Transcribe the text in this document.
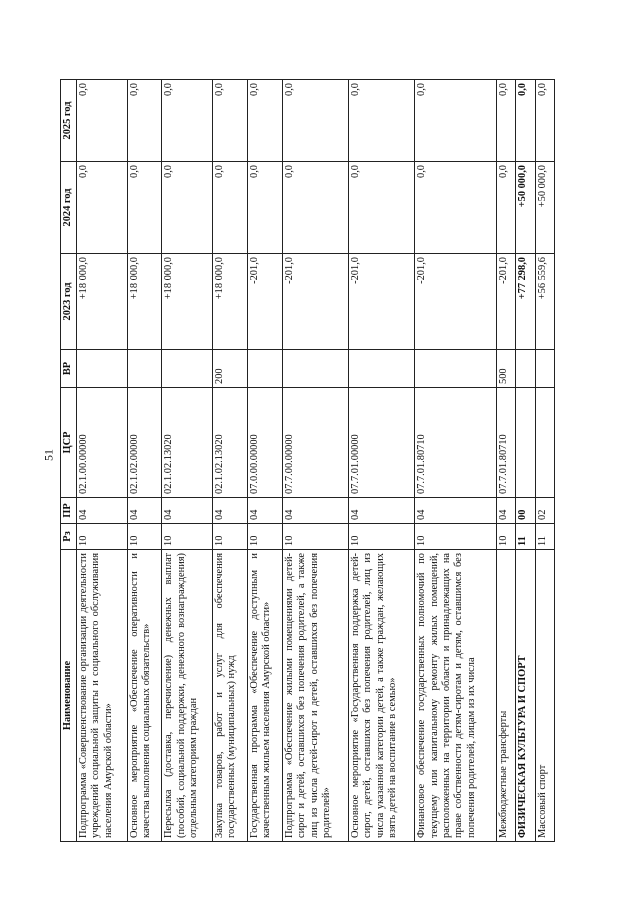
51
Наименование	Рз	ПР	ЦСР	ВР	2023 год	2024 год	2025 год
Подпрограмма «Совершенствование организации деятельности учреждений социальной защиты и социального обслуживания населения Амурской области»	10	04	02.1.00.00000		+18 000,0	0,0	0,0
Основное мероприятие «Обеспечение оперативности и качества выполнения социальных обязательств»	10	04	02.1.02.00000		+18 000,0	0,0	0,0
Пересылка (доставка, перечисление) денежных выплат (пособий, социальной поддержки, денежного вознаграждения) отдельным категориям граждан	10	04	02.1.02.13020		+18 000,0	0,0	0,0
Закупка товаров, работ и услуг для обеспечения государственных (муниципальных) нужд	10	04	02.1.02.13020	200	+18 000,0	0,0	0,0
Государственная программа «Обеспечение доступным и качественным жильем населения Амурской области»	10	04	07.0.00.00000		-201,0	0,0	0,0
Подпрограмма «Обеспечение жилыми помещениями детей-сирот и детей, оставшихся без попечения родителей, а также лиц из числа детей-сирот и детей, оставшихся без попечения родителей»	10	04	07.7.00.00000		-201,0	0,0	0,0
Основное мероприятие «Государственная поддержка детей-сирот, детей, оставшихся без попечения родителей, лиц из числа указанной категории детей, а также граждан, желающих взять детей на воспитание в семью»	10	04	07.7.01.00000		-201,0	0,0	0,0
Финансовое обеспечение государственных полномочий по текущему или капитальному ремонту жилых помещений, расположенных на территории области и принадлежащих на праве собственности детям-сиротам и детям, оставшимся без попечения родителей, лицам из их числа	10	04	07.7.01.80710		-201,0	0,0	0,0
Межбюджетные трансферты	10	04	07.7.01.80710	500	-201,0	0,0	0,0
ФИЗИЧЕСКАЯ КУЛЬТУРА И СПОРТ	11	00			+77 298,0	+50 000,0	0,0
Массовый спорт	11	02			+56 559,6	+50 000,0	0,0
